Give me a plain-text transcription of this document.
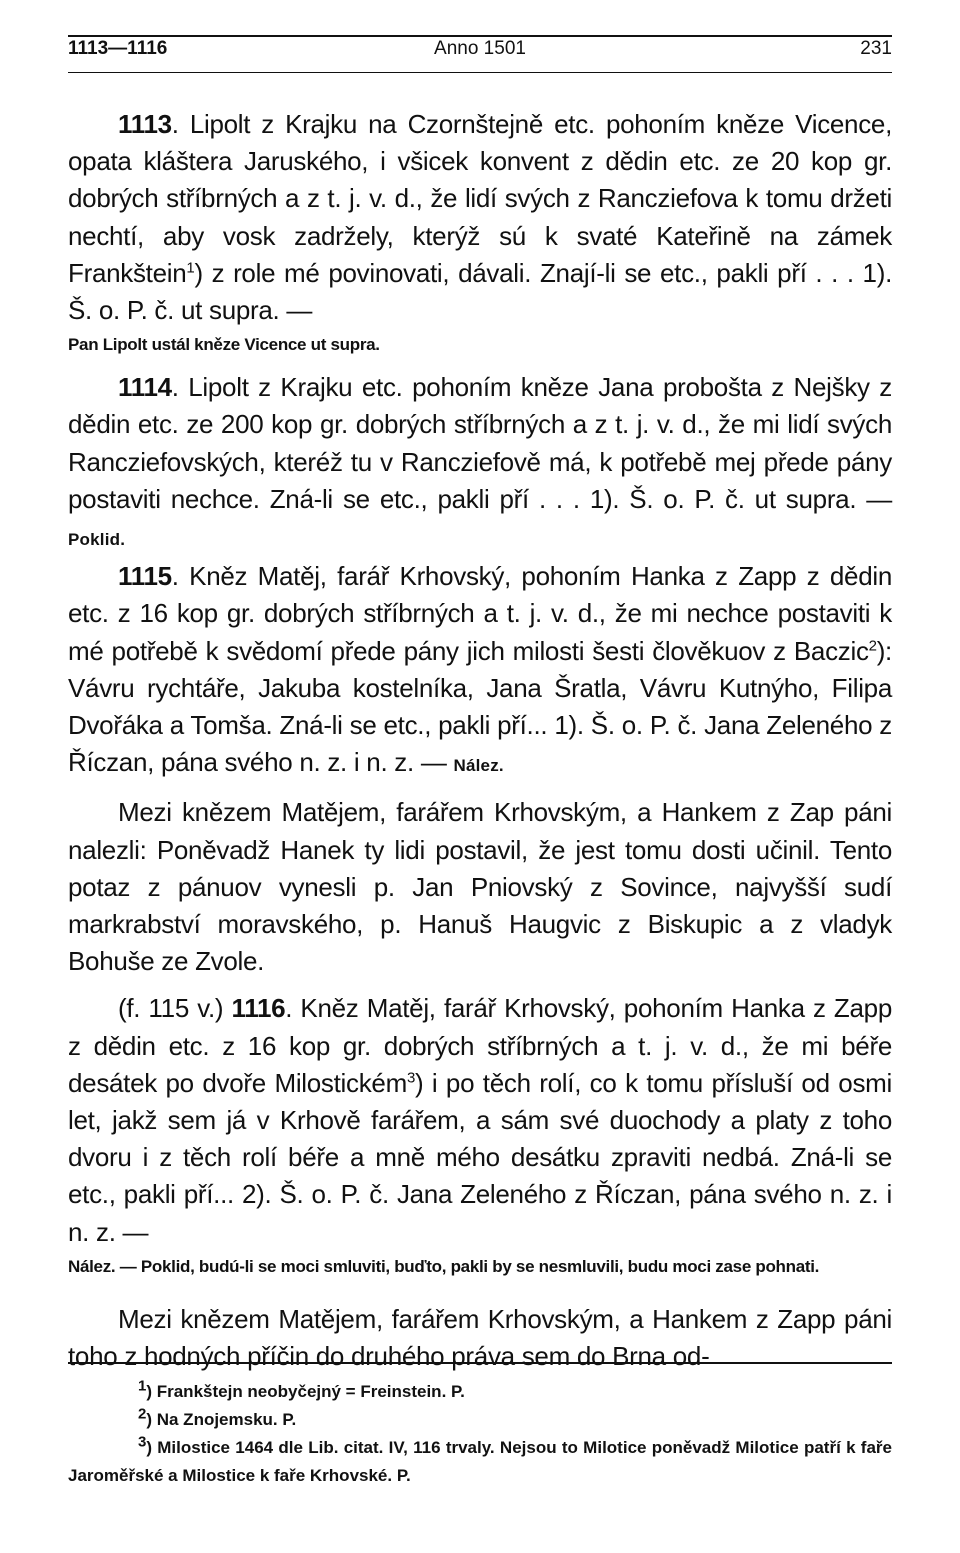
1113—1116	Anno 1501	231

1113. Lipolt z Krajku na Czornštejně etc. pohoním kněze Vicence, opata kláštera Jaruského, i všicek konvent z dědin etc. ze 20 kop gr. dobrých stříbrných a z t. j. v. d., že lidí svých z Rancziefova k tomu držeti nechtí, aby vosk zadržely, kterýž sú k svaté Kateřině na zámek Frankštein$^1$) z role mé povinovati, dávali. Znají-li se etc., pakli pří . . . 1). Š. o. P. č. ut supra. —

Pan Lipolt ustál kněze Vicence ut supra.

1114. Lipolt z Krajku etc. pohoním kněze Jana probošta z Nejšky z dědin etc. ze 200 kop gr. dobrých stříbrných a z t. j. v. d., že mi lidí svých Rancziefovských, kteréž tu v Rancziefově má, k potřebě mej přede pány postaviti nechce. Zná-li se etc., pakli pří . . . 1). Š. o. P. č. ut supra. — Poklid.

1115. Kněz Matěj, farář Krhovský, pohoním Hanka z Zapp z dědin etc. z 16 kop gr. dobrých stříbrných a t. j. v. d., že mi nechce postaviti k mé potřebě k svědomí přede pány jich milosti šesti člověkuov z Baczic$^2$): Vávru rychtáře, Jakuba kostelníka, Jana Šratla, Vávru Kutnýho, Filipa Dvořáka a Tomša. Zná-li se etc., pakli pří... 1). Š. o. P. č. Jana Zeleného z Říczan, pána svého n. z. i n. z. — Nález.

Mezi knězem Matějem, farářem Krhovským, a Hankem z Zap páni nalezli: Poněvadž Hanek ty lidi postavil, že jest tomu dosti učinil. Tento potaz z pánuov vynesli p. Jan Pniovský z Sovince, najvyšší sudí markrabství moravského, p. Hanuš Haugvic z Biskupic a z vladyk Bohuše ze Zvole.

(f. 115 v.) 1116. Kněz Matěj, farář Krhovský, pohoním Hanka z Zapp z dědin etc. z 16 kop gr. dobrých stříbrných a t. j. v. d., že mi béře desátek po dvoře Milostickém$^3$) i po těch rolí, co k tomu přísluší od osmi let, jakž sem já v Krhově farářem, a sám své duochody a platy z toho dvoru i z těch rolí béře a mně mého desátku zpraviti nedbá. Zná-li se etc., pakli pří... 2). Š. o. P. č. Jana Zeleného z Říczan, pána svého n. z. i n. z. —

Nález. — Poklid, budú-li se moci smluviti, buďto, pakli by se nesmluvili, budu moci zase pohnati.

Mezi knězem Matějem, farářem Krhovským, a Hankem z Zapp páni toho z hodných příčin do druhého práva sem do Brna od-

$^1$) Frankštejn neobyčejný = Freinstein. P.

$^2$) Na Znojemsku. P.

$^3$) Milostice 1464 dle Lib. citat. IV, 116 trvaly. Nejsou to Milotice poněvadž Milotice patří k faře Jaroměřské a Milostice k faře Krhovské. P.
